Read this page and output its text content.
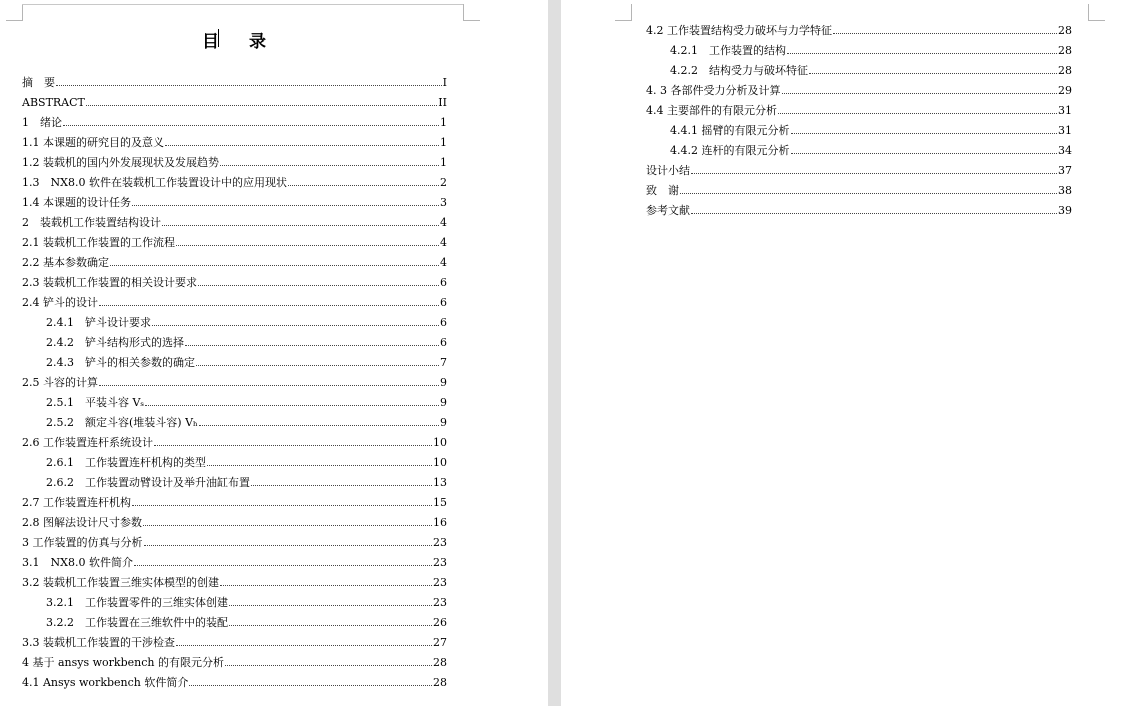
目 录
摘　要	I
ABSTRACT	II
1　绪论	1
1.1 本课题的研究目的及意义	1
1.2 装载机的国内外发展现状及发展趋势	1
1.3　NX8.0 软件在装载机工作装置设计中的应用现状	2
1.4 本课题的设计任务	3
2　装载机工作装置结构设计	4
2.1 装载机工作装置的工作流程	4
2.2 基本参数确定	4
2.3 装载机工作装置的相关设计要求	6
2.4 铲斗的设计	6
2.4.1　铲斗设计要求	6
2.4.2　铲斗结构形式的选择	6
2.4.3　铲斗的相关参数的确定	7
2.5 斗容的计算	9
2.5.1　平装斗容 Vₛ	9
2.5.2　额定斗容(堆装斗容) Vₕ	9
2.6 工作装置连杆系统设计	10
2.6.1　工作装置连杆机构的类型	10
2.6.2　工作装置动臂设计及举升油缸布置	13
2.7 工作装置连杆机构	15
2.8 图解法设计尺寸参数	16
3 工作装置的仿真与分析	23
3.1　NX8.0 软件简介	23
3.2 装载机工作装置三维实体模型的创建	23
3.2.1　工作装置零件的三维实体创建	23
3.2.2　工作装置在三维软件中的装配	26
3.3 装载机工作装置的干涉检查	27
4 基于 ansys workbench 的有限元分析	28
4.1 Ansys workbench 软件简介	28
4.2 工作装置结构受力破坏与力学特征	28
4.2.1　工作装置的结构	28
4.2.2　结构受力与破坏特征	28
4. 3 各部件受力分析及计算	29
4.4 主要部件的有限元分析	31
4.4.1 摇臂的有限元分析	31
4.4.2 连杆的有限元分析	34
设计小结	37
致　谢	38
参考文献	39
